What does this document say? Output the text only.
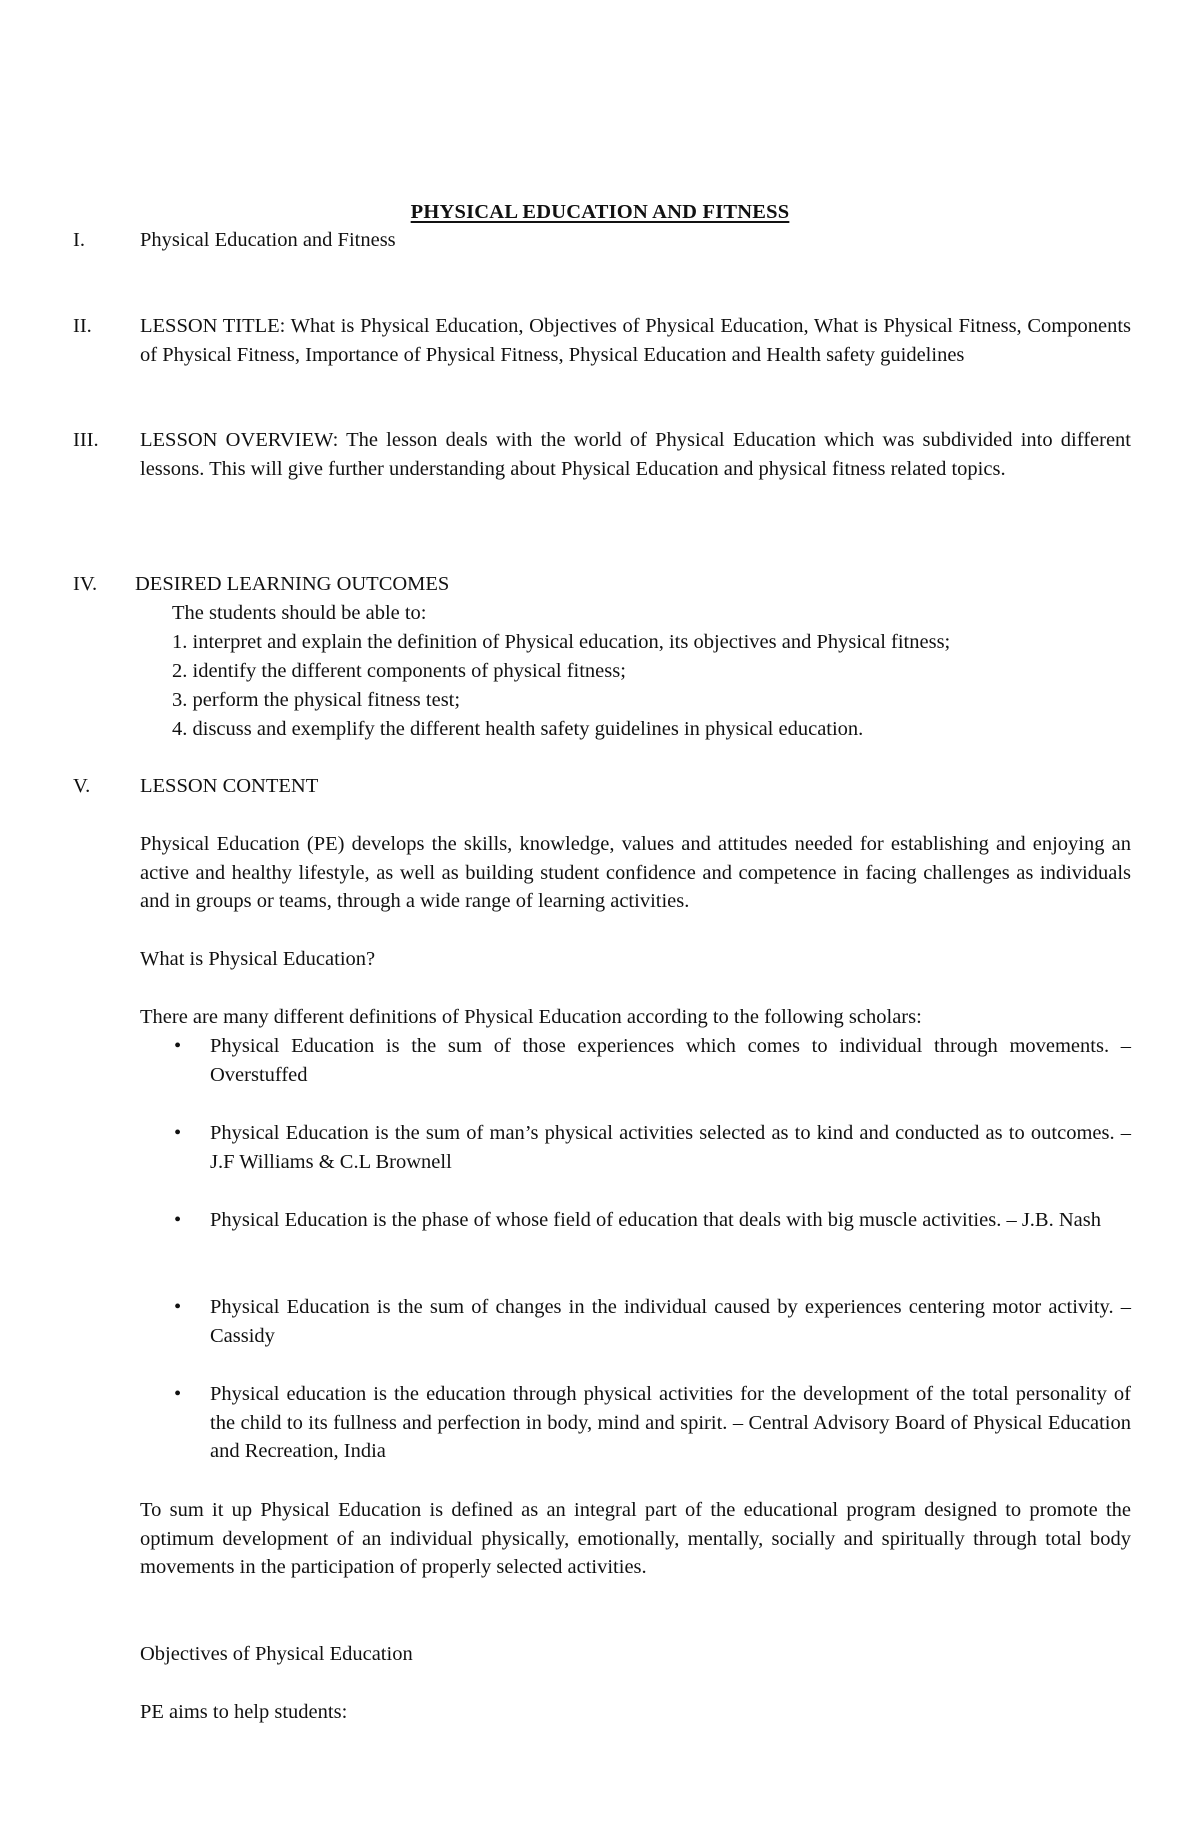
PHYSICAL EDUCATION AND FITNESS
I.	Physical Education and Fitness
II. LESSON TITLE: What is Physical Education, Objectives of Physical Education, What is Physical Fitness, Components of Physical Fitness, Importance of Physical Fitness, Physical Education and Health safety guidelines
III. LESSON OVERVIEW: The lesson deals with the world of Physical Education which was subdivided into different lessons. This will give further understanding about Physical Education and physical fitness related topics.
IV. DESIRED LEARNING OUTCOMES
The students should be able to:
1. interpret and explain the definition of Physical education, its objectives and Physical fitness;
2. identify the different components of physical fitness;
3. perform the physical fitness test;
4. discuss and exemplify the different health safety guidelines in physical education.
V. LESSON CONTENT
Physical Education (PE) develops the skills, knowledge, values and attitudes needed for establishing and enjoying an active and healthy lifestyle, as well as building student confidence and competence in facing challenges as individuals and in groups or teams, through a wide range of learning activities.
What is Physical Education?
There are many different definitions of Physical Education according to the following scholars:
• Physical Education is the sum of those experiences which comes to individual through movements. – Overstuffed
• Physical Education is the sum of man’s physical activities selected as to kind and conducted as to outcomes. – J.F Williams & C.L Brownell
• Physical Education is the phase of whose field of education that deals with big muscle activities. – J.B. Nash
• Physical Education is the sum of changes in the individual caused by experiences centering motor activity. – Cassidy
• Physical education is the education through physical activities for the development of the total personality of the child to its fullness and perfection in body, mind and spirit. – Central Advisory Board of Physical Education and Recreation, India
To sum it up Physical Education is defined as an integral part of the educational program designed to promote the optimum development of an individual physically, emotionally, mentally, socially and spiritually through total body movements in the participation of properly selected activities.
Objectives of Physical Education
PE aims to help students:
